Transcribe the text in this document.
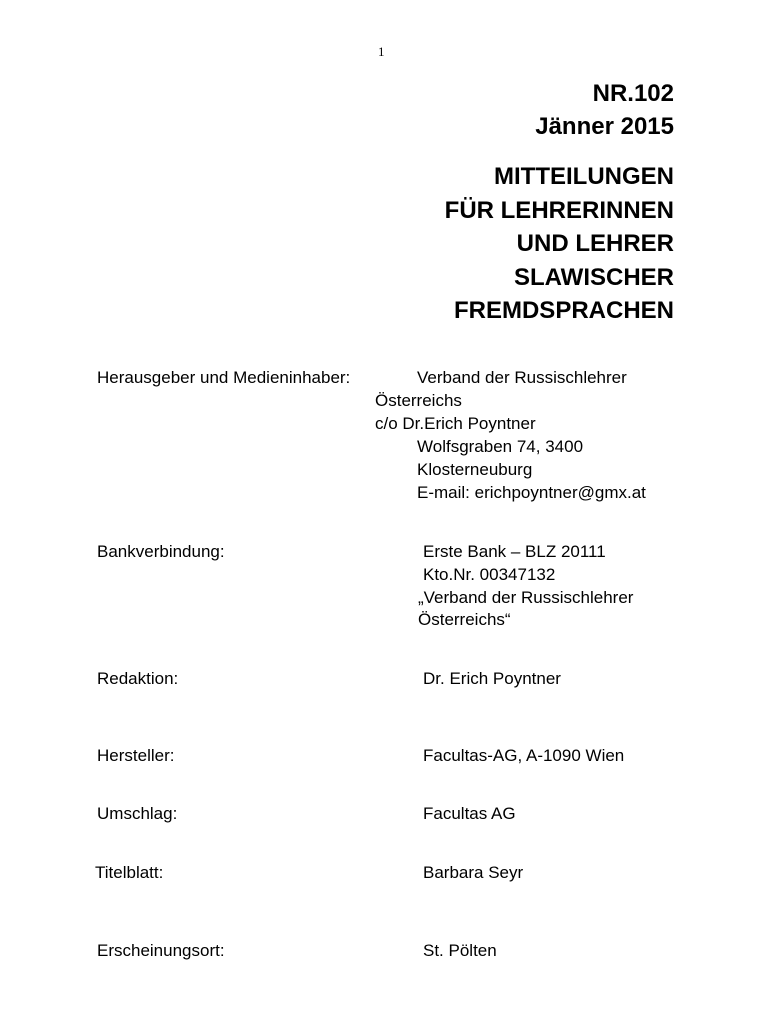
1
NR.102
Jänner 2015
MITTEILUNGEN
FÜR LEHRERINNEN
UND LEHRER
SLAWISCHER
FREMDSPRACHEN
Herausgeber und Medieninhaber:	Verband der Russischlehrer
Österreichs
c/o Dr.Erich Poyntner
Wolfsgraben 74, 3400
Klosterneuburg
E-mail: erichpoyntner@gmx.at
Bankverbindung:	Erste Bank – BLZ 20111
Kto.Nr. 00347132
„Verband der Russischlehrer
Österreichs“
Redaktion:	Dr. Erich Poyntner
Hersteller:	Facultas-AG, A-1090 Wien
Umschlag:	Facultas AG
Titelblatt:	Barbara Seyr
Erscheinungsort:	St. Pölten
